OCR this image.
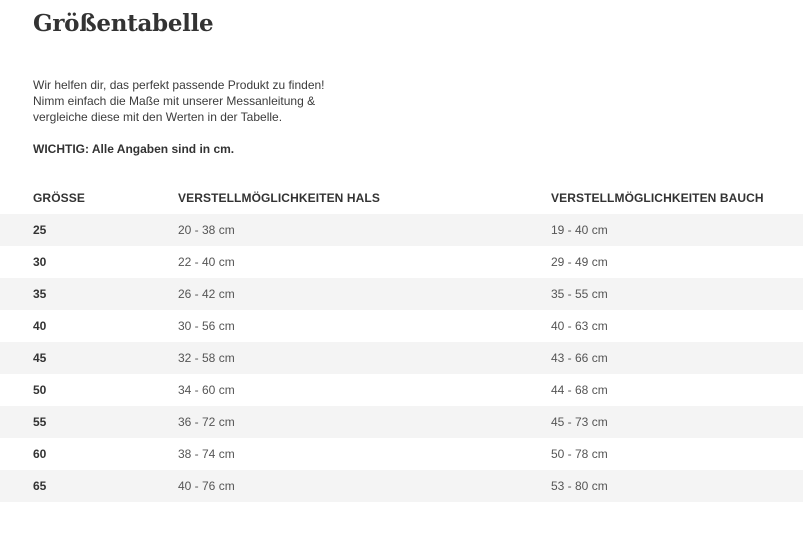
Größentabelle

Wir helfen dir, das perfekt passende Produkt zu finden!

Nimm einfach die Maße mit unserer Messanleitung &

vergleiche diese mit den Werten in der Tabelle.

WICHTIG: Alle Angaben sind in cm.
GRÖSSE	VERSTELLMÖGLICHKEITEN HALS	VERSTELLMÖGLICHKEITEN BAUCH
25	20 - 38 cm	19 - 40 cm
30	22 - 40 cm	29 - 49 cm
35	26 - 42 cm	35 - 55 cm
40	30 - 56 cm	40 - 63 cm
45	32 - 58 cm	43 - 66 cm
50	34 - 60 cm	44 - 68 cm
55	36 - 72 cm	45 - 73 cm
60	38 - 74 cm	50 - 78 cm
65	40 - 76 cm	53 - 80 cm
